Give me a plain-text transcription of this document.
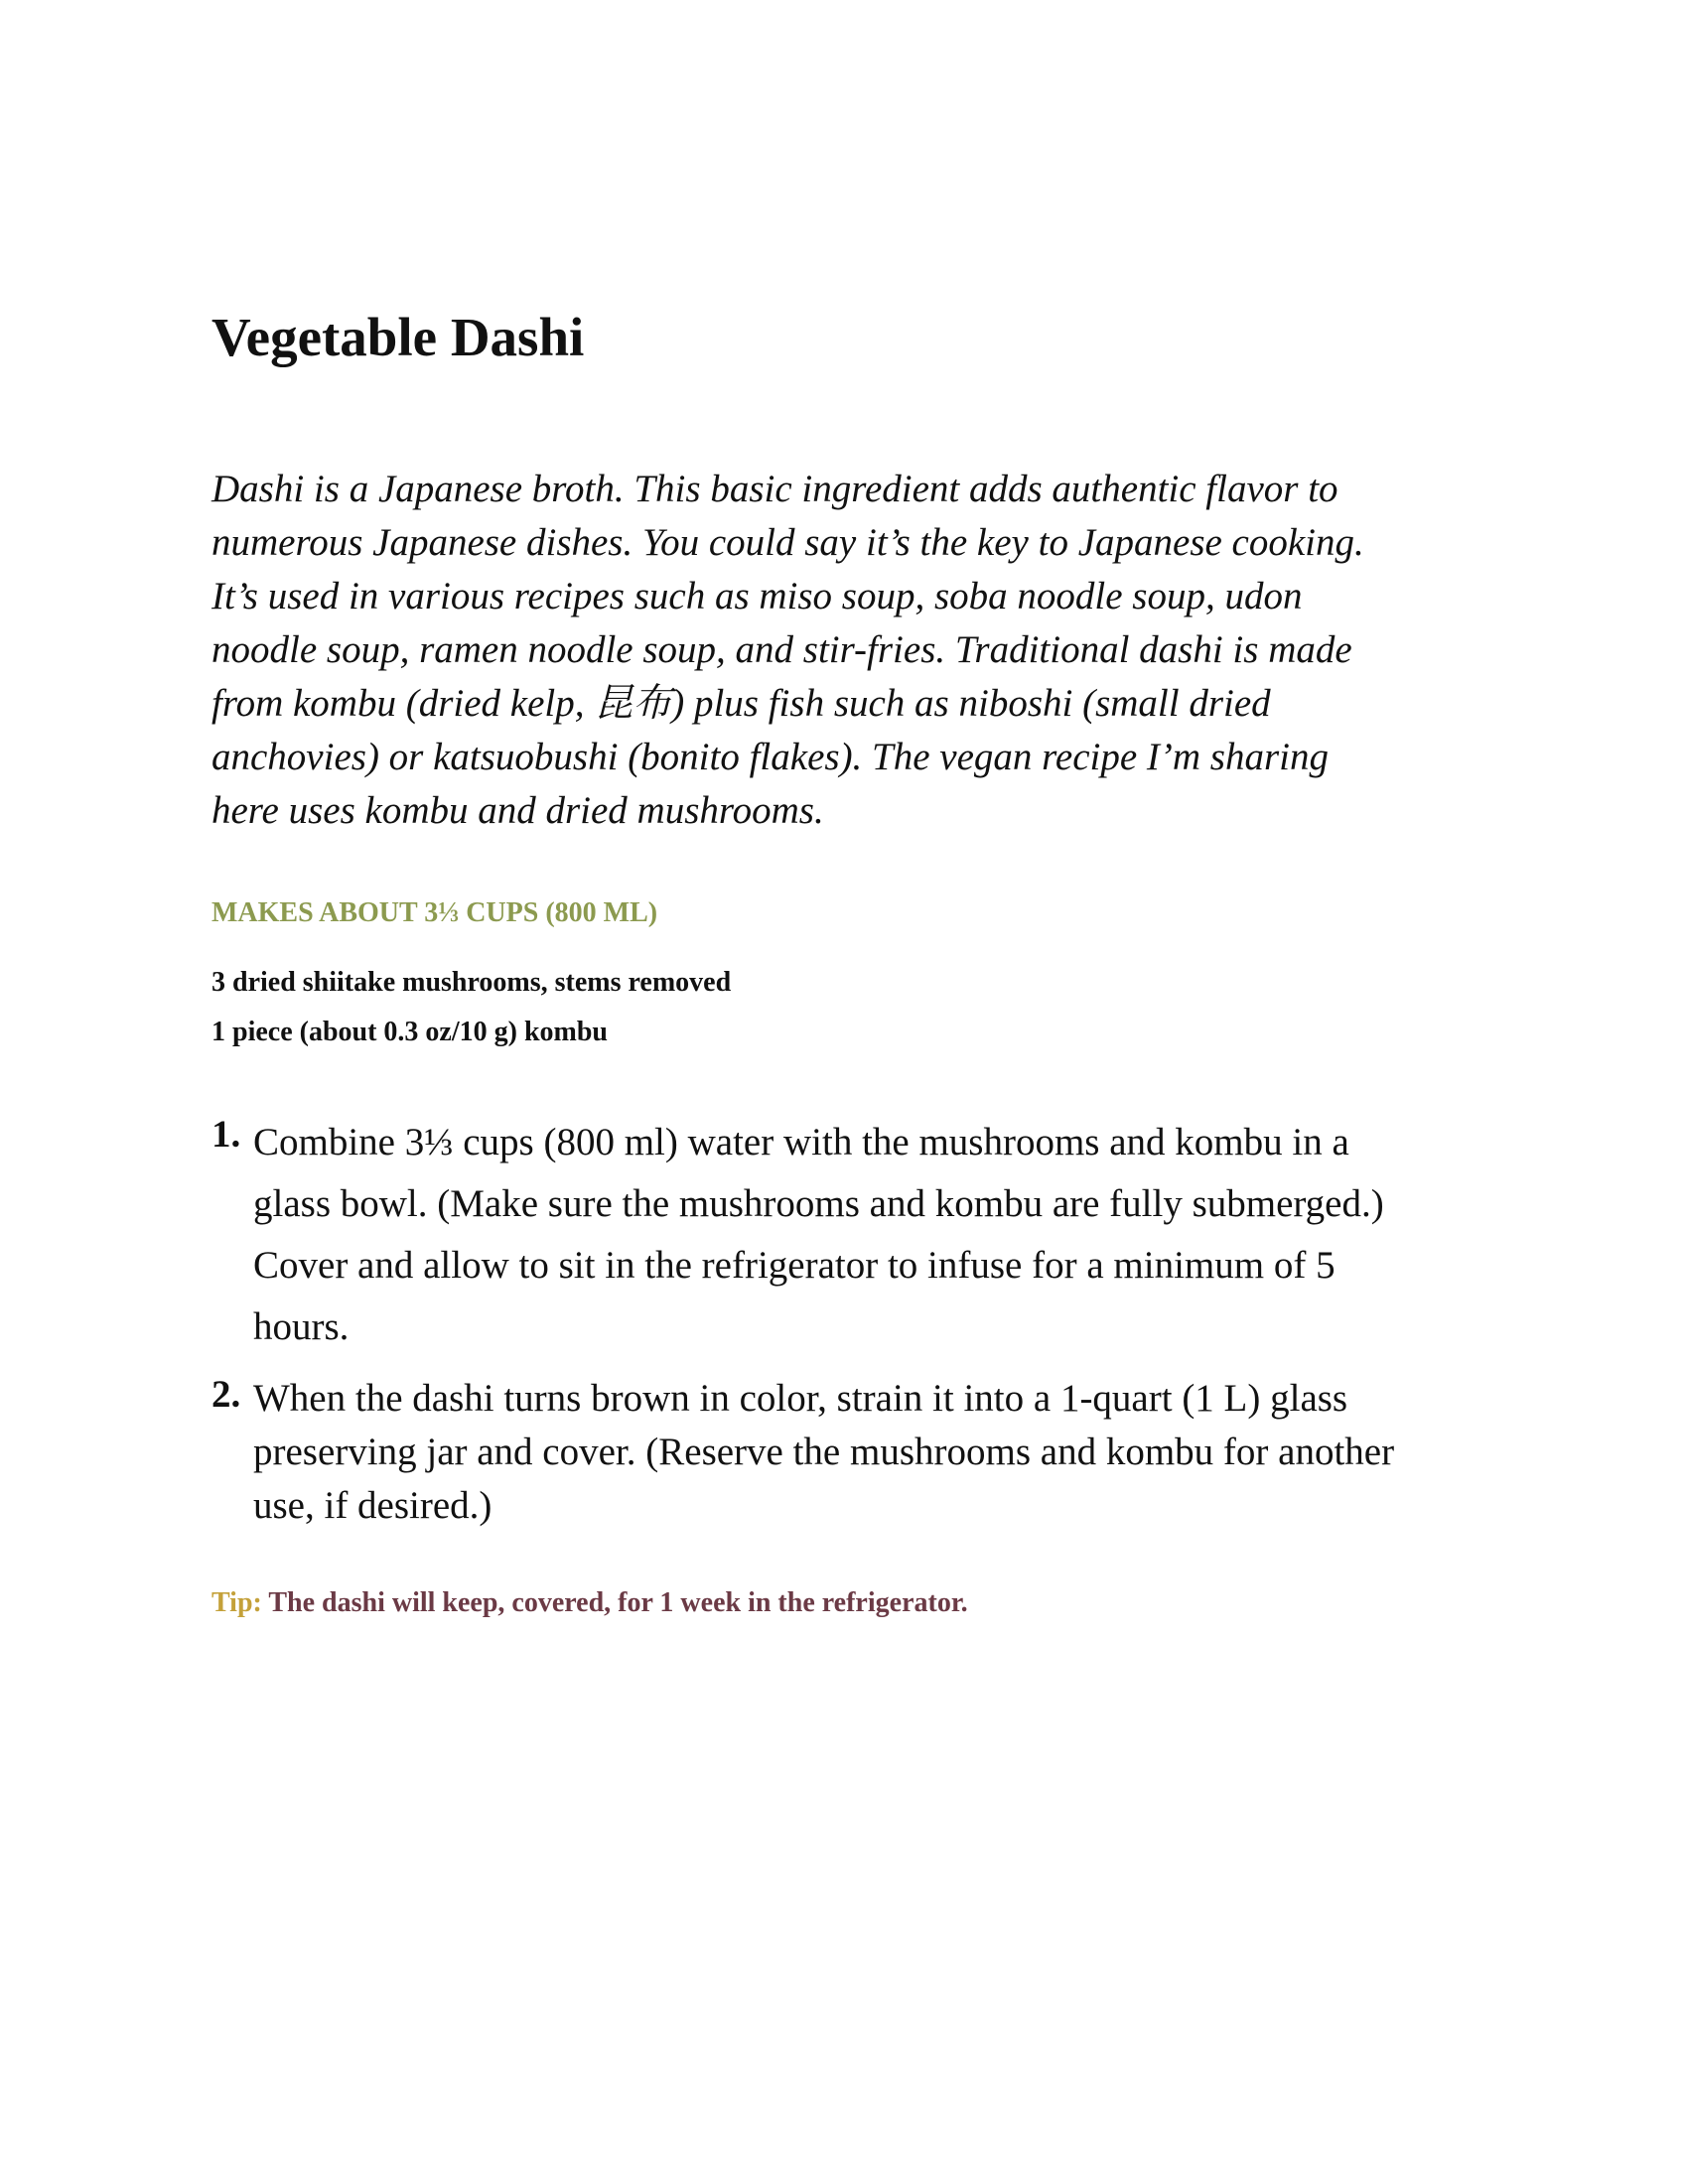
Vegetable Dashi

Dashi is a Japanese broth. This basic ingredient adds authentic flavor to
numerous Japanese dishes. You could say it’s the key to Japanese cooking.
It’s used in various recipes such as miso soup, soba noodle soup, udon
noodle soup, ramen noodle soup, and stir-fries. Traditional dashi is made
from kombu (dried kelp, 昆布) plus fish such as niboshi (small dried
anchovies) or katsuobushi (bonito flakes). The vegan recipe I’m sharing
here uses kombu and dried mushrooms.

MAKES ABOUT 3⅓ CUPS (800 ML)

3 dried shiitake mushrooms, stems removed
1 piece (about 0.3 oz/10 g) kombu
1. Combine 3⅓ cups (800 ml) water with the mushrooms and kombu in a
glass bowl. (Make sure the mushrooms and kombu are fully submerged.)
Cover and allow to sit in the refrigerator to infuse for a minimum of 5
hours.
2. When the dashi turns brown in color, strain it into a 1-quart (1 L) glass
preserving jar and cover. (Reserve the mushrooms and kombu for another
use, if desired.)

Tip: The dashi will keep, covered, for 1 week in the refrigerator.
